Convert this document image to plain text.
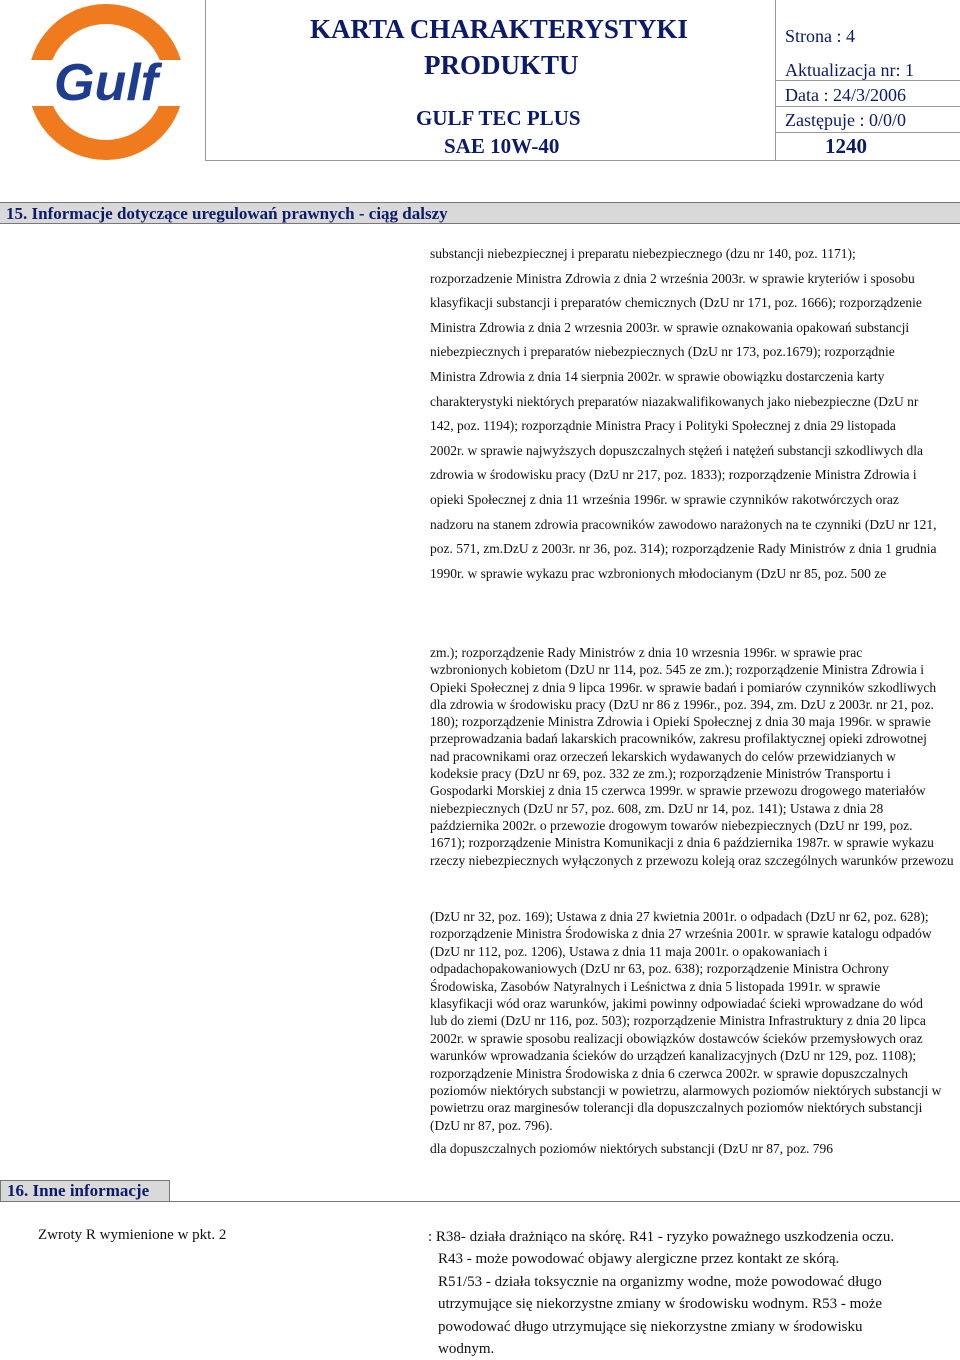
Gulf
KARTA CHARAKTERYSTYKI
PRODUKTU
GULF TEC PLUS
SAE 10W-40
Strona : 4
Aktualizacja nr: 1
Data : 24/3/2006
Zastępuje : 0/0/0
1240
15. Informacje dotyczące uregulowań prawnych - ciąg dalszy
substancji niebezpiecznej i preparatu niebezpiecznego (dzu nr 140, poz. 1171);
rozporzadzenie Ministra Zdrowia z dnia 2 września 2003r. w sprawie kryteriów i sposobu
klasyfikacji substancji i preparatów chemicznych (DzU nr 171, poz. 1666); rozporządzenie
Ministra Zdrowia z dnia 2 wrzesnia 2003r. w sprawie oznakowania opakowań substancji
niebezpiecznych i preparatów niebezpiecznych (DzU nr 173, poz.1679); rozporządnie
Ministra Zdrowia z dnia 14 sierpnia 2002r. w sprawie obowiązku dostarczenia karty
charakterystyki niektórych preparatów niazakwalifikowanych jako niebezpieczne (DzU nr
142, poz. 1194); rozporządnie Ministra Pracy i Polityki Społecznej z dnia 29 listopada
2002r. w sprawie najwyższych dopuszczalnych stężeń i natężeń substancji szkodliwych dla
zdrowia w środowisku pracy (DzU nr 217, poz. 1833); rozporządzenie Ministra Zdrowia i
opieki Społecznej z dnia 11 września 1996r. w sprawie czynników rakotwórczych oraz
nadzoru na stanem zdrowia pracowników zawodowo narażonych na te czynniki (DzU nr 121,
poz. 571, zm.DzU z 2003r. nr 36, poz. 314); rozporządzenie Rady Ministrów z dnia 1 grudnia
1990r. w sprawie wykazu prac wzbronionych młodocianym (DzU nr 85, poz. 500 ze
zm.); rozporządzenie Rady Ministrów z dnia 10 wrzesnia 1996r. w sprawie prac
wzbronionych kobietom (DzU nr 114, poz. 545 ze zm.); rozporządzenie Ministra Zdrowia i
Opieki Społecznej z dnia 9 lipca 1996r. w sprawie badań i pomiarów czynników szkodliwych
dla zdrowia w środowisku pracy (DzU nr 86 z 1996r., poz. 394, zm. DzU z 2003r. nr 21, poz.
180); rozporządzenie Ministra Zdrowia i Opieki Społecznej z dnia 30 maja 1996r. w sprawie
przeprowadzania badań lakarskich pracowników, zakresu profilaktycznej opieki zdrowotnej
nad pracownikami oraz orzeczeń lekarskich wydawanych do celów przewidzianych w
kodeksie pracy (DzU nr 69, poz. 332 ze zm.); rozporządzenie Ministrów Transportu i
Gospodarki Morskiej z dnia 15 czerwca 1999r. w sprawie przewozu drogowego materiałów
niebezpiecznych (DzU nr 57, poz. 608, zm. DzU nr 14, poz. 141); Ustawa z dnia 28
października 2002r. o przewozie drogowym towarów niebezpiecznych (DzU nr 199, poz.
1671); rozporządzenie Ministra Komunikacji z dnia 6 października 1987r. w sprawie wykazu
rzeczy niebezpiecznych wyłączonych z przewozu koleją oraz szczególnych warunków przewozu
(DzU nr 32, poz. 169); Ustawa z dnia 27 kwietnia 2001r. o odpadach (DzU nr 62, poz. 628);
rozporządzenie Ministra Środowiska z dnia 27 września 2001r. w sprawie katalogu odpadów
(DzU nr 112, poz. 1206), Ustawa z dnia 11 maja 2001r. o opakowaniach i
odpadachopakowaniowych (DzU nr 63, poz. 638); rozporządzenie Ministra Ochrony
Środowiska, Zasobów Natyralnych i Leśnictwa z dnia 5 listopada 1991r. w sprawie
klasyfikacji wód oraz warunków, jakimi powinny odpowiadać ścieki wprowadzane do wód
lub do ziemi (DzU nr 116, poz. 503); rozporządzenie Ministra Infrastruktury z dnia 20 lipca
2002r. w sprawie sposobu realizacji obowiązków dostawców ścieków przemysłowych oraz
warunków wprowadzania ścieków do urządzeń kanalizacyjnych (DzU nr 129, poz. 1108);
rozporządzenie Ministra Środowiska z dnia 6 czerwca 2002r. w sprawie dopuszczalnych
poziomów niektórych substancji w powietrzu, alarmowych poziomów niektórych substancji w
powietrzu oraz marginesów tolerancji dla dopuszczalnych poziomów niektórych substancji
(DzU nr 87, poz. 796).
dla dopuszczalnych poziomów niektórych substancji (DzU nr 87, poz. 796
16. Inne informacje
Zwroty R wymienione w pkt. 2	: R38- działa drażniąco na skórę. R41 - ryzyko poważnego uszkodzenia oczu.
R43 - może powodować objawy alergiczne przez kontakt ze skórą.
R51/53 - działa toksycznie na organizmy wodne, może powodować długo
utrzymujące się niekorzystne zmiany w środowisku wodnym. R53 - może
powodować długo utrzymujące się niekorzystne zmiany w środowisku
wodnym.
